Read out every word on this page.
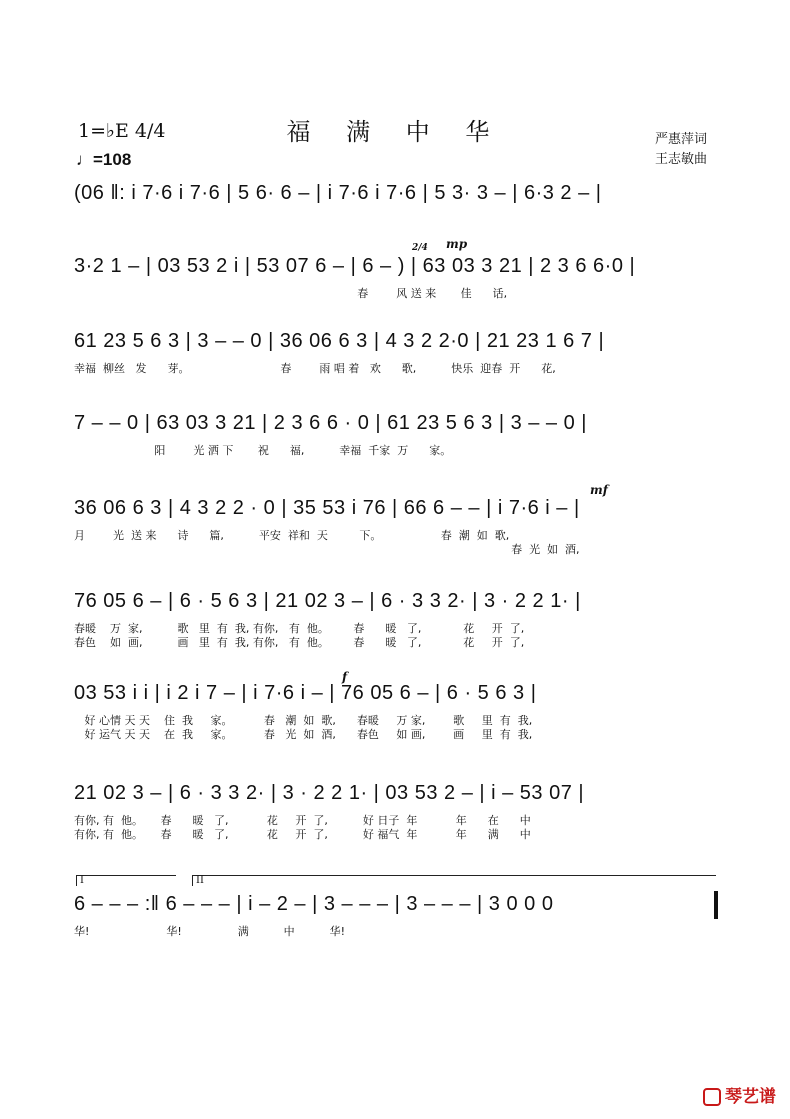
福 满 中 华
1=♭E 4/4
♩=108
严惠萍词
王志敏曲
(06 ‖: i 7·6 i 7·6 | 5 6· 6 – | i 7·6 i 7·6 | 5 3· 3 – | 6·3 2 – |
2/4 mp
3·2 1 – | 03 53 2 i | 53 07 6 – | 6 – ) | 63 03 3 21 | 2 3 6 6·0 |
春        风 送 来       佳      话,
61 23 5 6 3 | 3 – – 0 | 36 06 6 3 | 4 3 2 2·0 | 21 23 1 6 7 |
幸福  柳丝   发      芽。                          春        雨 唱 着   欢      歌,          快乐  迎春  开      花,
7 – – 0 | 63 03 3 21 | 2 3 6 6 · 0 | 61 23 5 6 3 | 3 – – 0 |
阳        光 洒 下       祝      福,          幸福  千家  万      家。
mf
36 06 6 3 | 4 3 2 2 · 0 | 35 53 i 76 | 66 6 – – | i 7·6 i – |
月        光  送 来      诗      篇,          平安  祥和  天         下。                 春  潮  如  歌,
春  光  如  酒,
76 05 6 – | 6 · 5 6 3 | 21 02 3 – | 6 · 3 3 2· | 3 · 2 2 1· |
春暖    万  家,          歌   里  有  我, 有你,   有  他。       春      暖   了,            花     开  了,
春色    如  画,          画   里  有  我, 有你,   有  他。       春      暖   了,            花     开  了,
f
03 53 i i | i 2 i 7 – | i 7·6 i – | 76 05 6 – | 6 · 5 6 3 |
好 心情 天 天    住  我     家。         春   潮  如  歌,      春暖     万 家,        歌     里  有  我,
好 运气 天 天    在  我     家。         春   光  如  酒,      春色     如 画,        画     里  有  我,
21 02 3 – | 6 · 3 3 2· | 3 · 2 2 1· | 03 53 2 – | i – 53 07 |
有你, 有  他。     春      暖   了,           花     开  了,          好 日子  年           年      在      中
有你, 有  他。     春      暖   了,           花     开  了,          好 福气  年           年      满      中
I	II
6 – – – :‖ 6 – – – | i – 2 – | 3 – – – | 3 – – – | 3 0 0 0
华!                      华!                满          中          华!
琴艺谱
